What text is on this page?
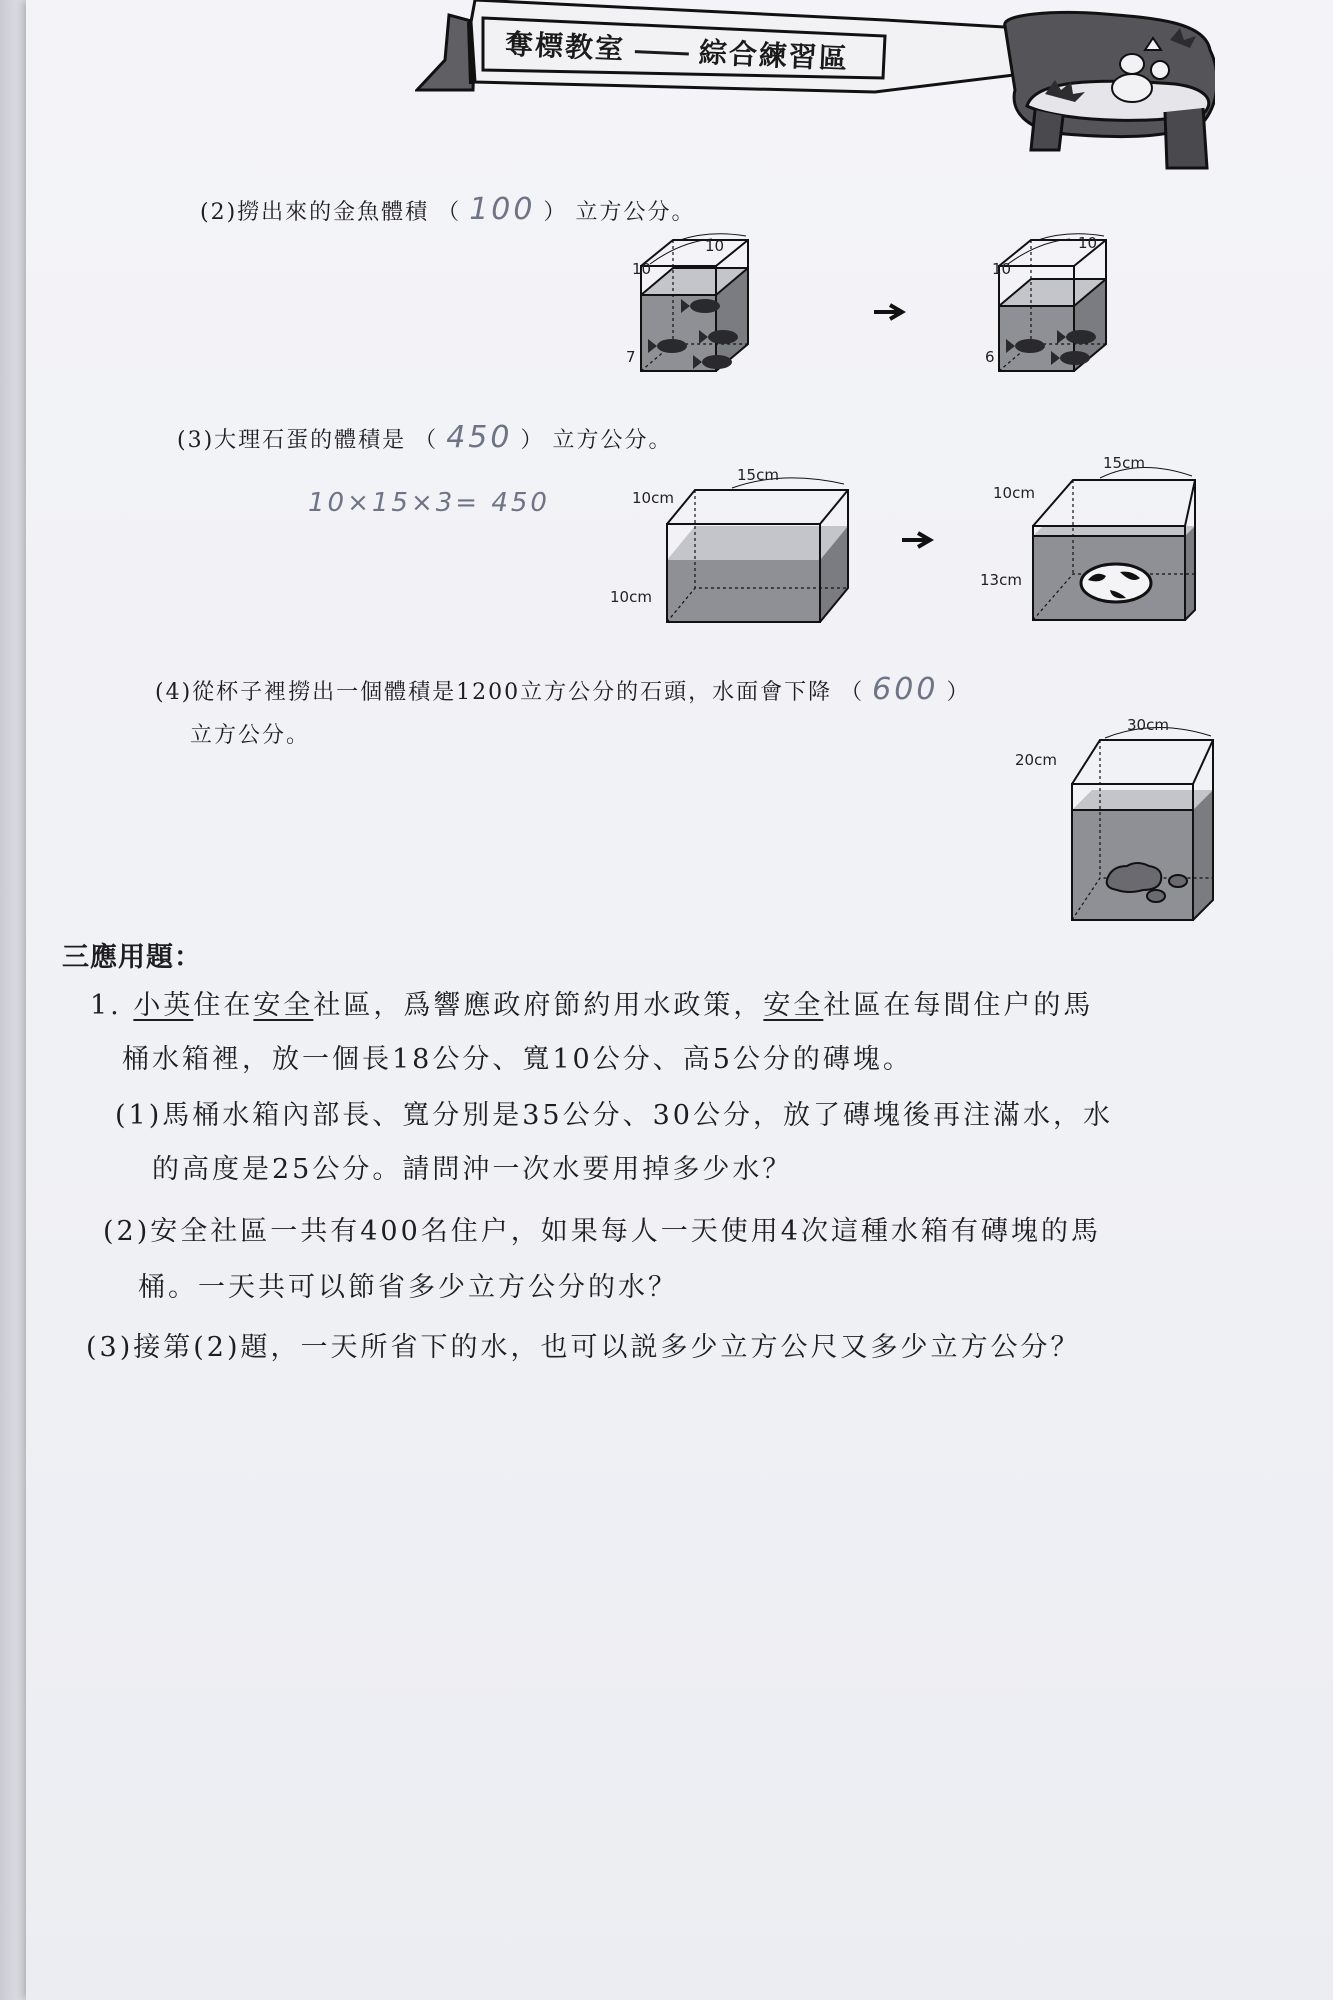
奪標教室	綜合練習區
(2)撈出來的金魚體積 （ 100 ） 立方公分。
10
10
7
10
10
6
(3)大理石蛋的體積是 （ 450 ） 立方公分。
10×15×3= 450	10cm
15cm
10cm
10cm
15cm
13cm
(4)從杯子裡撈出一個體積是1200立方公分的石頭，水面會下降 （ 600 ）
立方公分。	30cm
20cm
三應用題：
1. 小英住在安全社區，爲響應政府節約用水政策，安全社區在每間住户的馬
桶水箱裡，放一個長18公分、寬10公分、高5公分的磚塊。
(1)馬桶水箱內部長、寬分別是35公分、30公分，放了磚塊後再注滿水，水
的高度是25公分。請問沖一次水要用掉多少水？
(2)安全社區一共有400名住户，如果每人一天使用4次這種水箱有磚塊的馬
桶。一天共可以節省多少立方公分的水？
(3)接第(2)題，一天所省下的水，也可以説多少立方公尺又多少立方公分？
